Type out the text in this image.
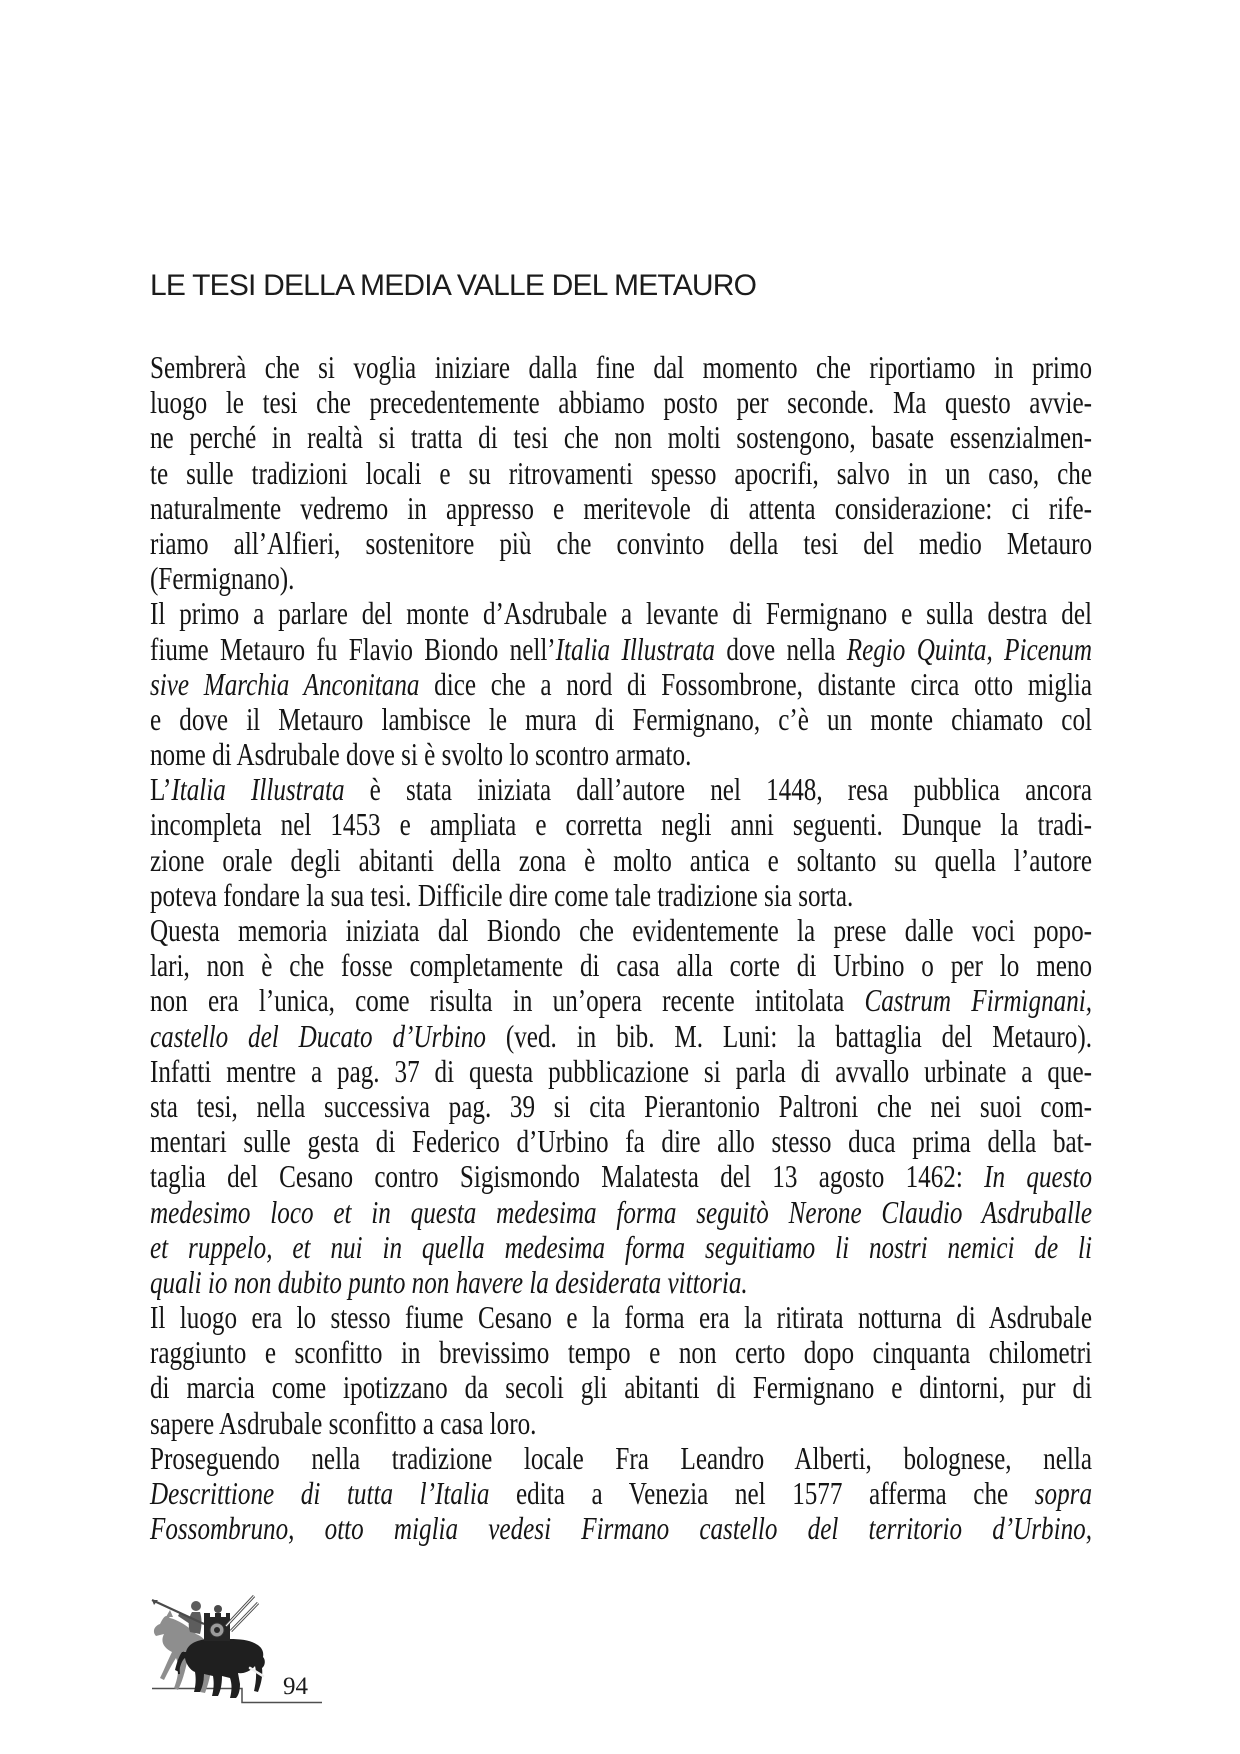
LE TESI DELLA MEDIA VALLE DEL METAURO
Sembrerà che si voglia iniziare dalla fine dal momento che riportiamo in primo
luogo le tesi che precedentemente abbiamo posto per seconde. Ma questo avvie-
ne perché in realtà si tratta di tesi che non molti sostengono, basate essenzialmen-
te sulle tradizioni locali e su ritrovamenti spesso apocrifi, salvo in un caso, che
naturalmente vedremo in appresso e meritevole di attenta considerazione: ci rife-
riamo all’Alfieri, sostenitore più che convinto della tesi del medio Metauro
(Fermignano).
Il primo a parlare del monte d’Asdrubale a levante di Fermignano e sulla destra del
fiume Metauro fu Flavio Biondo nell’Italia Illustrata dove nella Regio Quinta, Picenum
sive Marchia Anconitana dice che a nord di Fossombrone, distante circa otto miglia
e dove il Metauro lambisce le mura di Fermignano, c’è un monte chiamato col
nome di Asdrubale dove si è svolto lo scontro armato.
L’Italia Illustrata è stata iniziata dall’autore nel 1448, resa pubblica ancora
incompleta nel 1453 e ampliata e corretta negli anni seguenti. Dunque la tradi-
zione orale degli abitanti della zona è molto antica e soltanto su quella l’autore
poteva fondare la sua tesi. Difficile dire come tale tradizione sia sorta.
Questa memoria iniziata dal Biondo che evidentemente la prese dalle voci popo-
lari, non è che fosse completamente di casa alla corte di Urbino o per lo meno
non era l’unica, come risulta in un’opera recente intitolata Castrum Firmignani,
castello del Ducato d’Urbino (ved. in bib. M. Luni: la battaglia del Metauro).
Infatti mentre a pag. 37 di questa pubblicazione si parla di avvallo urbinate a que-
sta tesi, nella successiva pag. 39 si cita Pierantonio Paltroni che nei suoi com-
mentari sulle gesta di Federico d’Urbino fa dire allo stesso duca prima della bat-
taglia del Cesano contro Sigismondo Malatesta del 13 agosto 1462: In questo
medesimo loco et in questa medesima forma seguitò Nerone Claudio Asdruballe
et ruppelo, et nui in quella medesima forma seguitiamo li nostri nemici de li
quali io non dubito punto non havere la desiderata vittoria.
Il luogo era lo stesso fiume Cesano e la forma era la ritirata notturna di Asdrubale
raggiunto e sconfitto in brevissimo tempo e non certo dopo cinquanta chilometri
di marcia come ipotizzano da secoli gli abitanti di Fermignano e dintorni, pur di
sapere Asdrubale sconfitto a casa loro.
Proseguendo nella tradizione locale Fra Leandro Alberti, bolognese, nella
Descrittione di tutta l’Italia edita a Venezia nel 1577 afferma che sopra
Fossombruno, otto miglia vedesi Firmano castello del territorio d’Urbino,
94
